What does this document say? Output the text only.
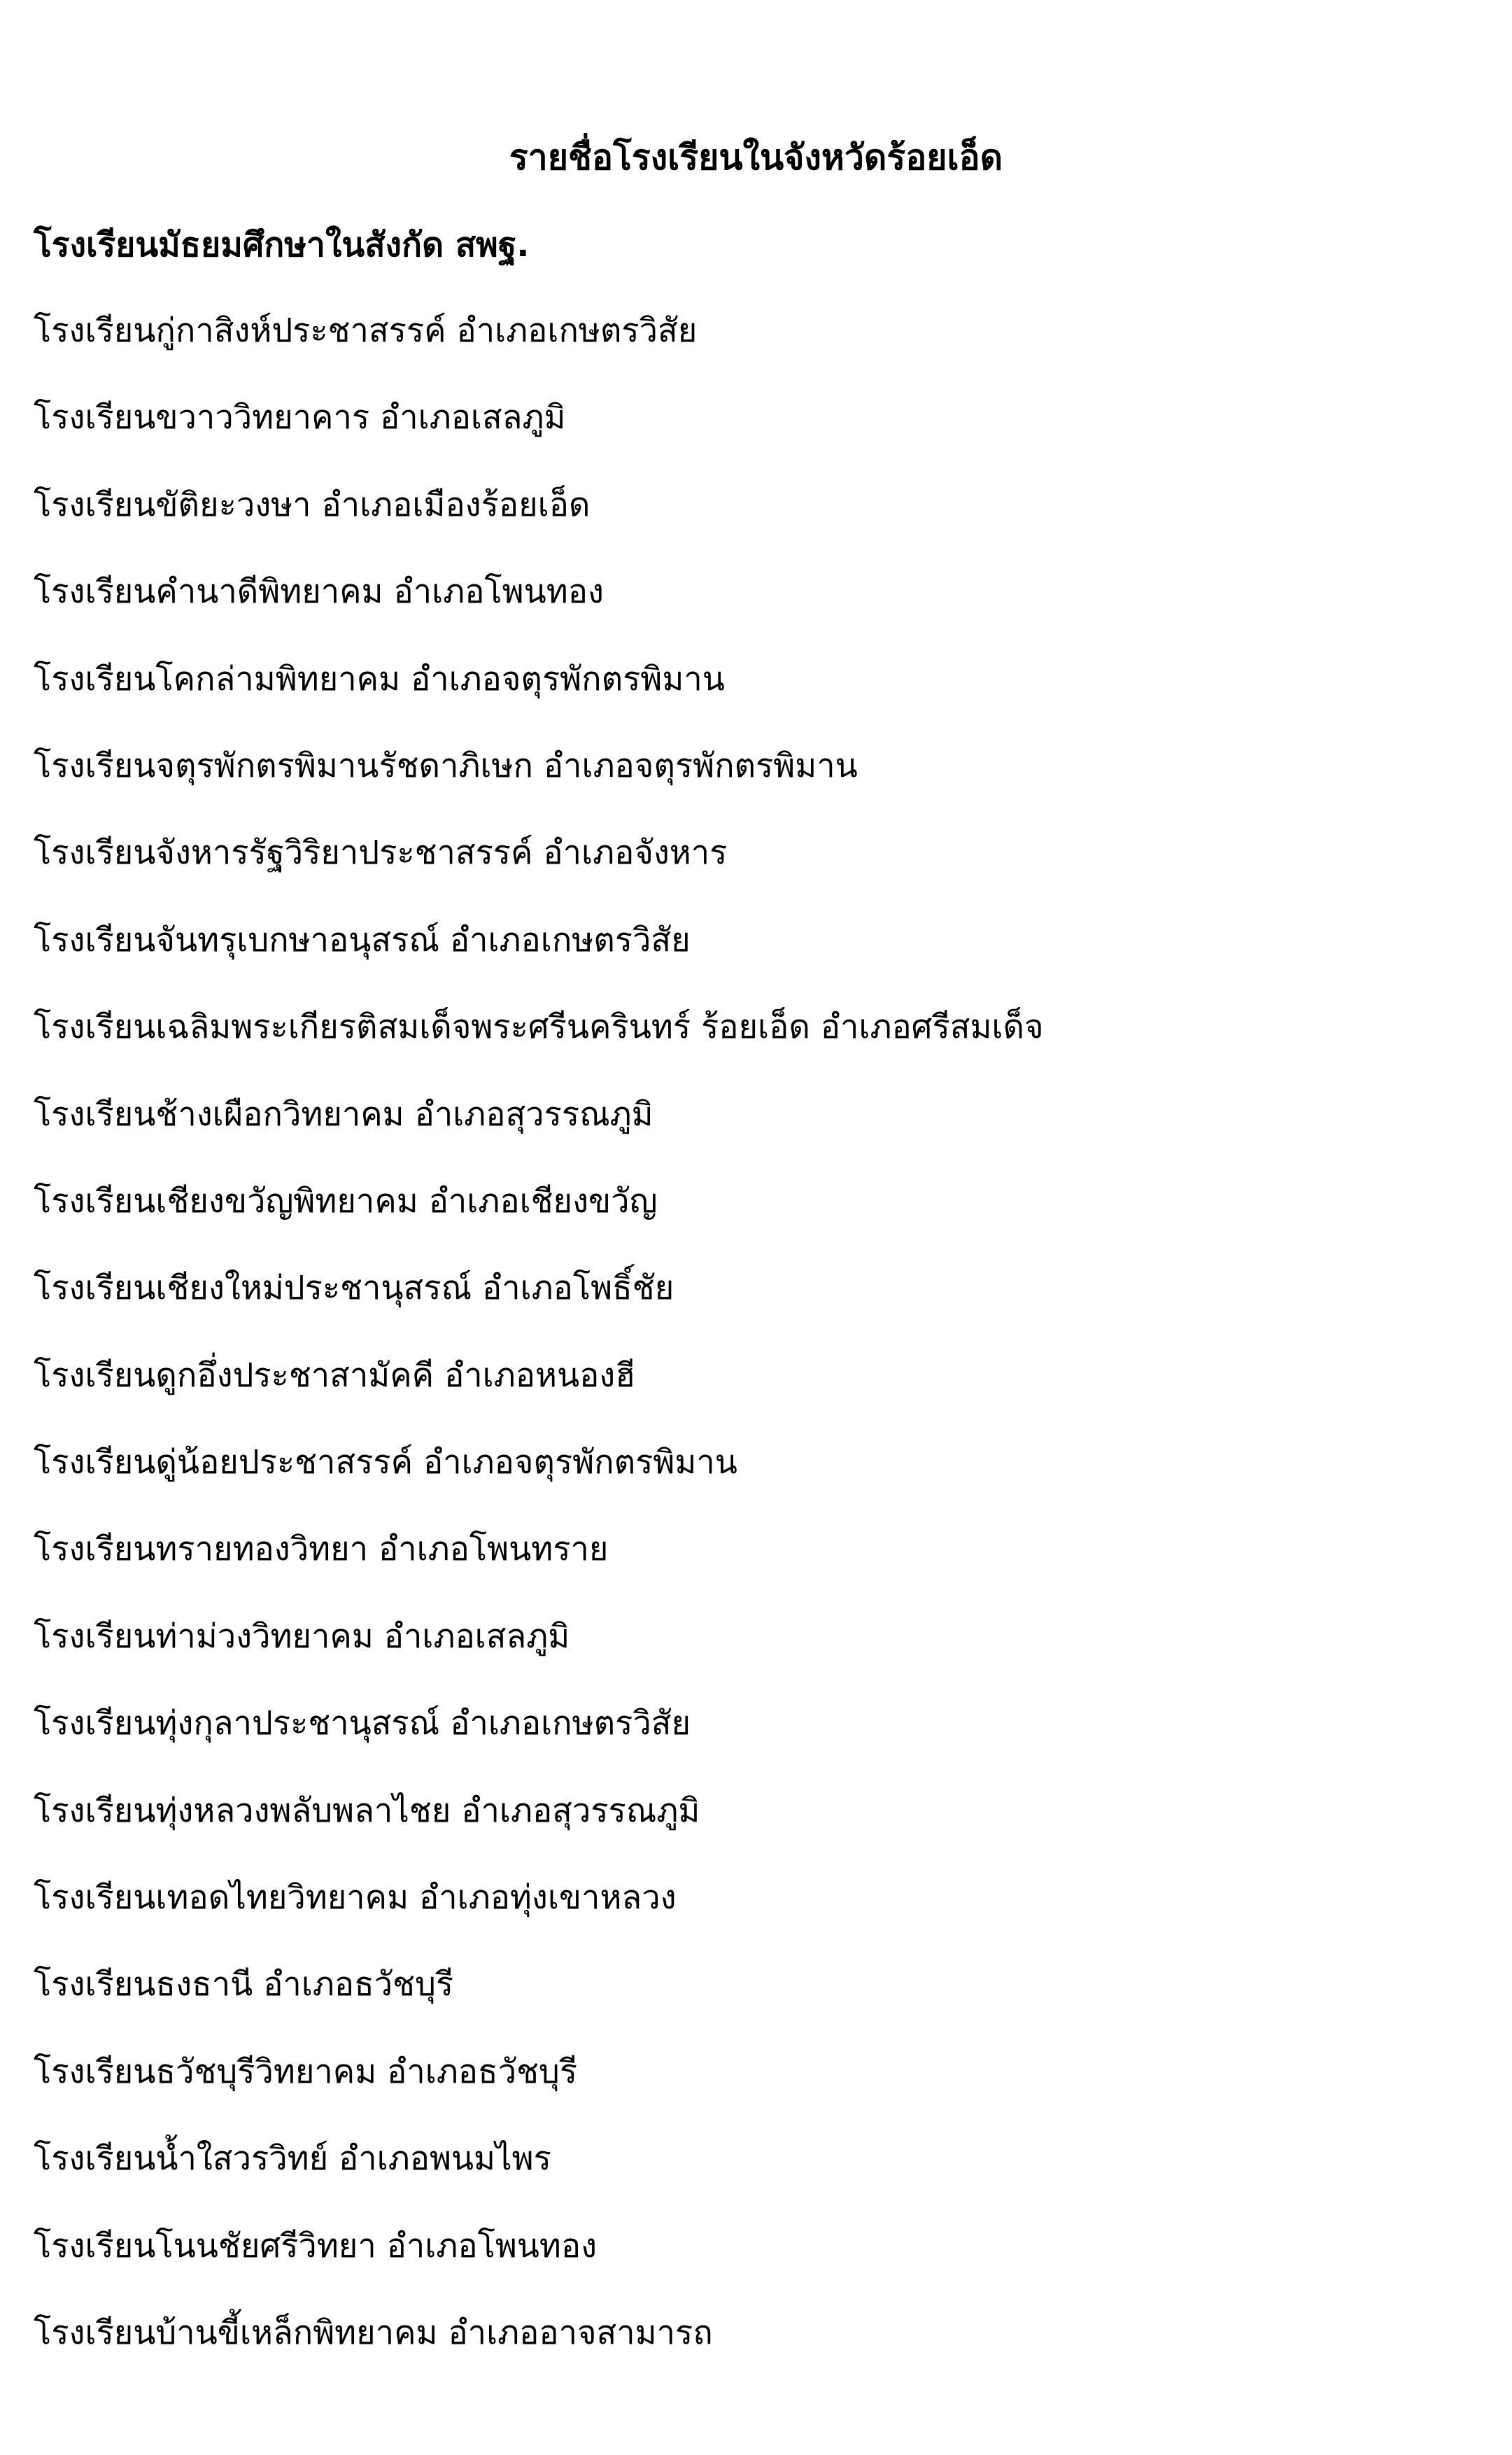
รายชื่อโรงเรียนในจังหวัดร้อยเอ็ด
โรงเรียนมัธยมศึกษาในสังกัด สพฐ.
โรงเรียนกู่กาสิงห์ประชาสรรค์ อำเภอเกษตรวิสัย
โรงเรียนขวาววิทยาคาร อำเภอเสลภูมิ
โรงเรียนขัติยะวงษา อำเภอเมืองร้อยเอ็ด
โรงเรียนคำนาดีพิทยาคม อำเภอโพนทอง
โรงเรียนโคกล่ามพิทยาคม อำเภอจตุรพักตรพิมาน
โรงเรียนจตุรพักตรพิมานรัชดาภิเษก อำเภอจตุรพักตรพิมาน
โรงเรียนจังหารรัฐวิริยาประชาสรรค์ อำเภอจังหาร
โรงเรียนจันทรุเบกษาอนุสรณ์ อำเภอเกษตรวิสัย
โรงเรียนเฉลิมพระเกียรติสมเด็จพระศรีนครินทร์ ร้อยเอ็ด อำเภอศรีสมเด็จ
โรงเรียนช้างเผือกวิทยาคม อำเภอสุวรรณภูมิ
โรงเรียนเชียงขวัญพิทยาคม อำเภอเชียงขวัญ
โรงเรียนเชียงใหม่ประชานุสรณ์ อำเภอโพธิ์ชัย
โรงเรียนดูกอึ่งประชาสามัคคี อำเภอหนองฮี
โรงเรียนดู่น้อยประชาสรรค์ อำเภอจตุรพักตรพิมาน
โรงเรียนทรายทองวิทยา อำเภอโพนทราย
โรงเรียนท่าม่วงวิทยาคม อำเภอเสลภูมิ
โรงเรียนทุ่งกุลาประชานุสรณ์ อำเภอเกษตรวิสัย
โรงเรียนทุ่งหลวงพลับพลาไชย อำเภอสุวรรณภูมิ
โรงเรียนเทอดไทยวิทยาคม อำเภอทุ่งเขาหลวง
โรงเรียนธงธานี อำเภอธวัชบุรี
โรงเรียนธวัชบุรีวิทยาคม อำเภอธวัชบุรี
โรงเรียนน้ำใสวรวิทย์ อำเภอพนมไพร
โรงเรียนโนนชัยศรีวิทยา อำเภอโพนทอง
โรงเรียนบ้านขี้เหล็กพิทยาคม อำเภออาจสามารถ
